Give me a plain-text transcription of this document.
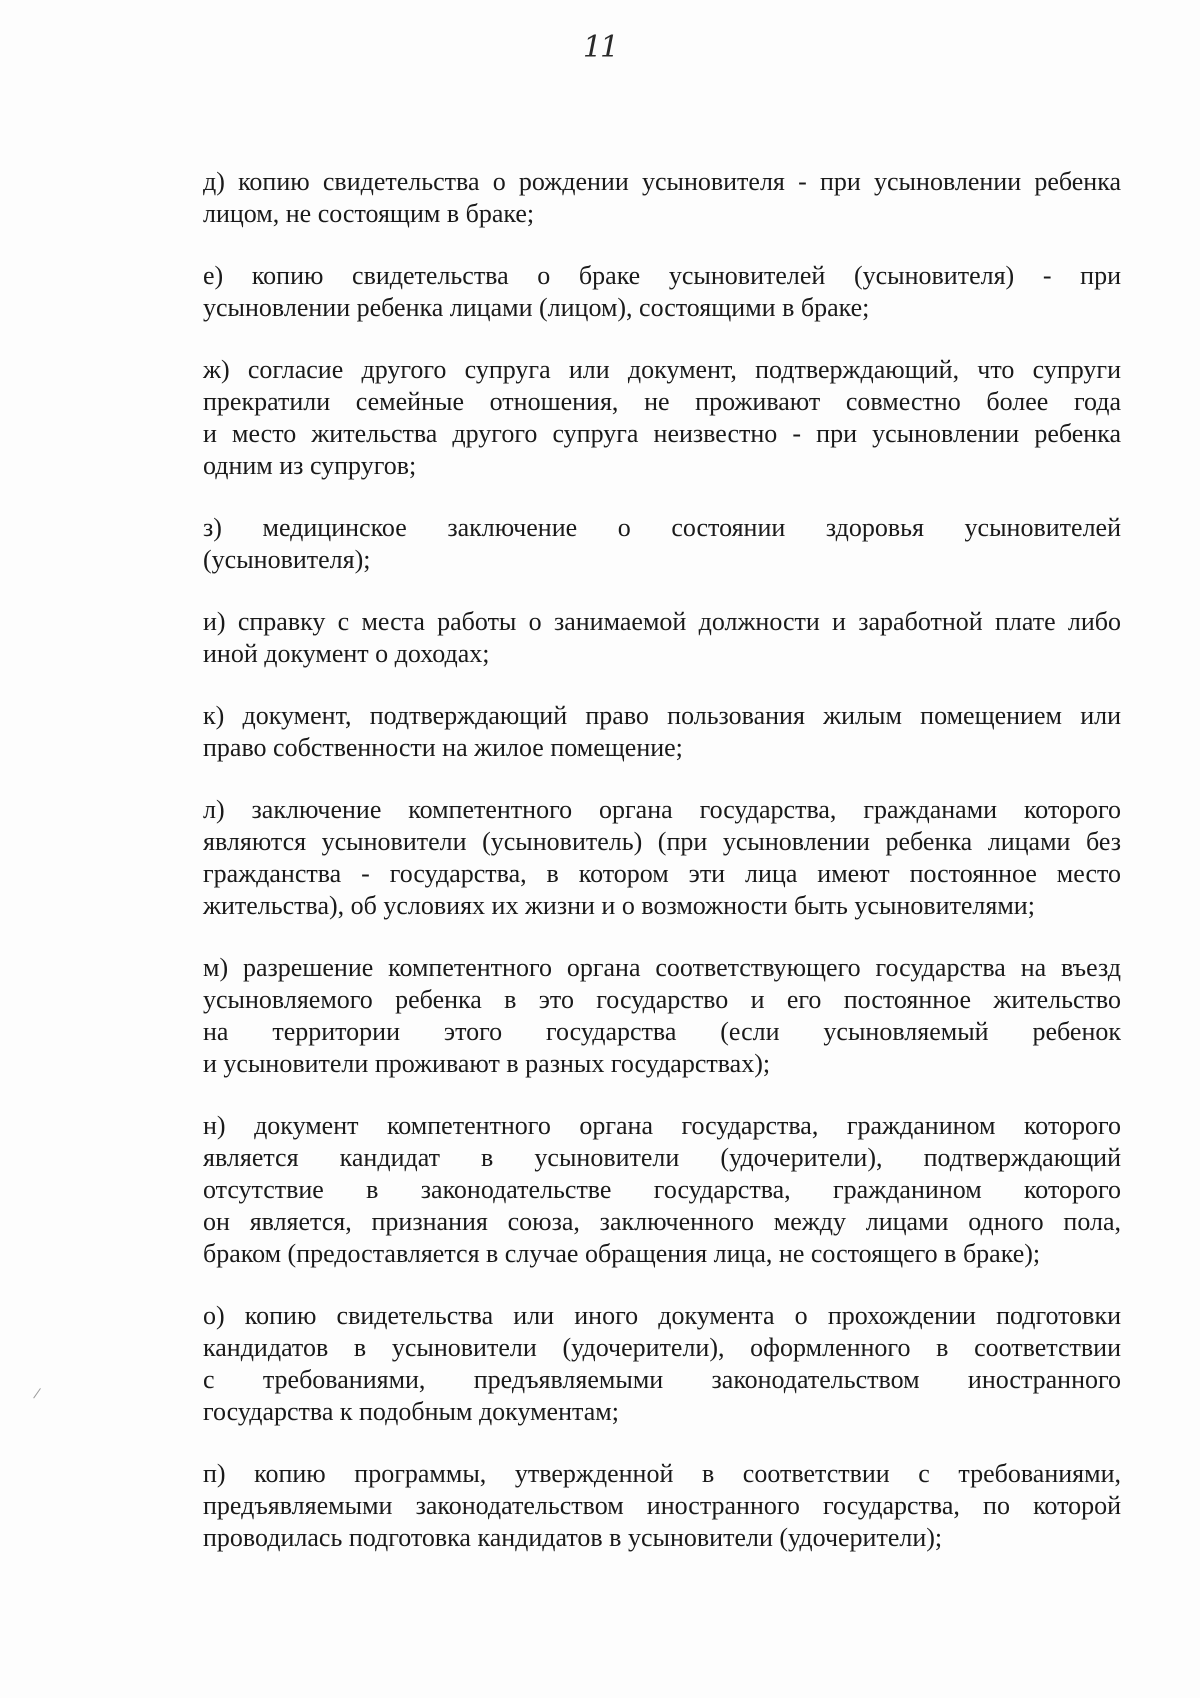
11
д) копию свидетельства о рождении усыновителя - при усыновлении ребенка
лицом, не состоящим в браке;
е) копию свидетельства о браке усыновителей (усыновителя) - при
усыновлении ребенка лицами (лицом), состоящими в браке;
ж) согласие другого супруга или документ, подтверждающий, что супруги
прекратили семейные отношения, не проживают совместно более года
и место жительства другого супруга неизвестно - при усыновлении ребенка
одним из супругов;
з) медицинское заключение о состоянии здоровья усыновителей
(усыновителя);
и) справку с места работы о занимаемой должности и заработной плате либо
иной документ о доходах;
к) документ, подтверждающий право пользования жилым помещением или
право собственности на жилое помещение;
л) заключение компетентного органа государства, гражданами которого
являются усыновители (усыновитель) (при усыновлении ребенка лицами без
гражданства - государства, в котором эти лица имеют постоянное место
жительства), об условиях их жизни и о возможности быть усыновителями;
м) разрешение компетентного органа соответствующего государства на въезд
усыновляемого ребенка в это государство и его постоянное жительство
на территории этого государства (если усыновляемый ребенок
и усыновители проживают в разных государствах);
н) документ компетентного органа государства, гражданином которого
является кандидат в усыновители (удочерители), подтверждающий
отсутствие в законодательстве государства, гражданином которого
он является, признания союза, заключенного между лицами одного пола,
браком (предоставляется в случае обращения лица, не состоящего в браке);
о) копию свидетельства или иного документа о прохождении подготовки
кандидатов в усыновители (удочерители), оформленного в соответствии
с требованиями, предъявляемыми законодательством иностранного
государства к подобным документам;
п) копию программы, утвержденной в соответствии с требованиями,
предъявляемыми законодательством иностранного государства, по которой
проводилась подготовка кандидатов в усыновители (удочерители);
